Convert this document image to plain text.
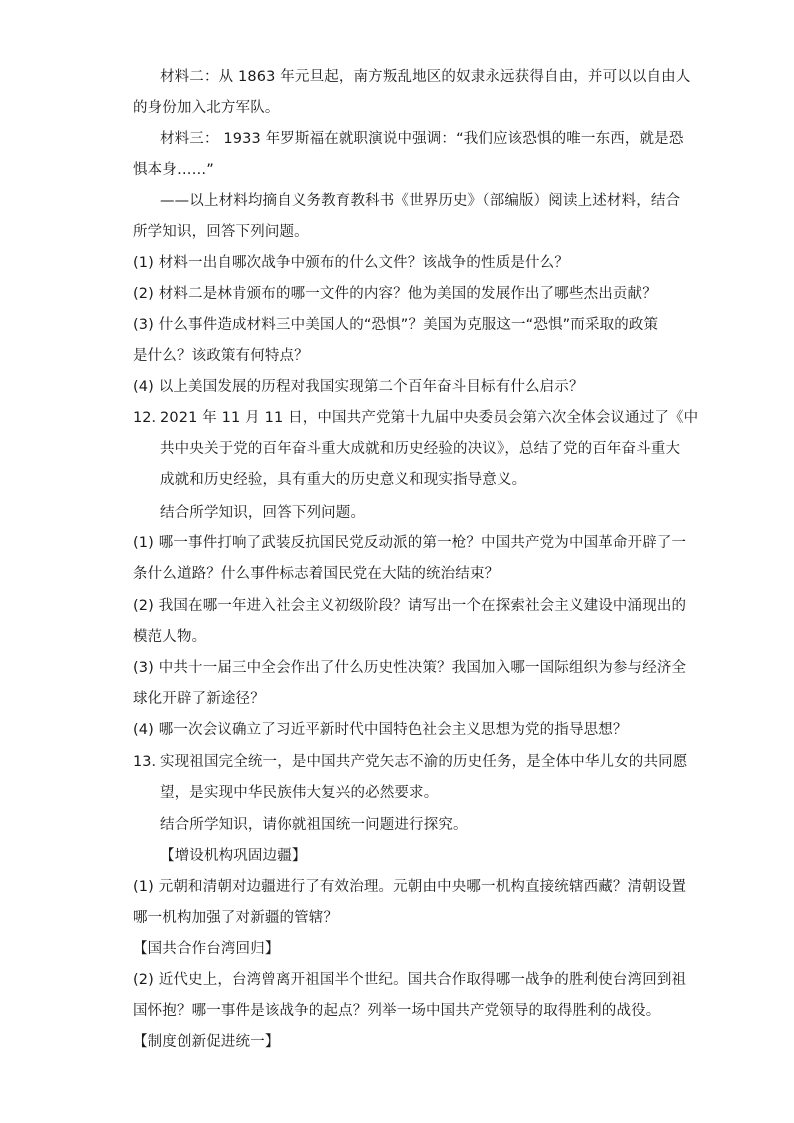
材料二：从 1863 年元旦起，南方叛乱地区的奴隶永远获得自由，并可以以自由人
的身份加入北方军队。
材料三： 1933 年罗斯福在就职演说中强调：“我们应该恐惧的唯一东西，就是恐
惧本身……”
——以上材料均摘自义务教育教科书《世界历史》（部编版）阅读上述材料，结合
所学知识，回答下列问题。
(1) 材料一出自哪次战争中颁布的什么文件？该战争的性质是什么？
(2) 材料二是林肯颁布的哪一文件的内容？他为美国的发展作出了哪些杰出贡献？
(3) 什么事件造成材料三中美国人的“恐惧”？美国为克服这一“恐惧”而采取的政策
是什么？该政策有何特点？
(4) 以上美国发展的历程对我国实现第二个百年奋斗目标有什么启示？
12．
2021 年 11 月 11 日，中国共产党第十九届中央委员会第六次全体会议通过了《中
共中央关于党的百年奋斗重大成就和历史经验的决议》，总结了党的百年奋斗重大
成就和历史经验，具有重大的历史意义和现实指导意义。
结合所学知识，回答下列问题。
(1) 哪一事件打响了武装反抗国民党反动派的第一枪？中国共产党为中国革命开辟了一
条什么道路？什么事件标志着国民党在大陆的统治结束？
(2) 我国在哪一年进入社会主义初级阶段？请写出一个在探索社会主义建设中涌现出的
模范人物。
(3) 中共十一届三中全会作出了什么历史性决策？我国加入哪一国际组织为参与经济全
球化开辟了新途径？
(4) 哪一次会议确立了习近平新时代中国特色社会主义思想为党的指导思想？
13．
实现祖国完全统一，是中国共产党矢志不渝的历史任务，是全体中华儿女的共同愿
望，是实现中华民族伟大复兴的必然要求。
结合所学知识，请你就祖国统一问题进行探究。
【增设机构巩固边疆】
(1) 元朝和清朝对边疆进行了有效治理。元朝由中央哪一机构直接统辖西藏？清朝设置
哪一机构加强了对新疆的管辖？
【国共合作台湾回归】
(2) 近代史上，台湾曾离开祖国半个世纪。国共合作取得哪一战争的胜利使台湾回到祖
国怀抱？哪一事件是该战争的起点？列举一场中国共产党领导的取得胜利的战役。
【制度创新促进统一】
